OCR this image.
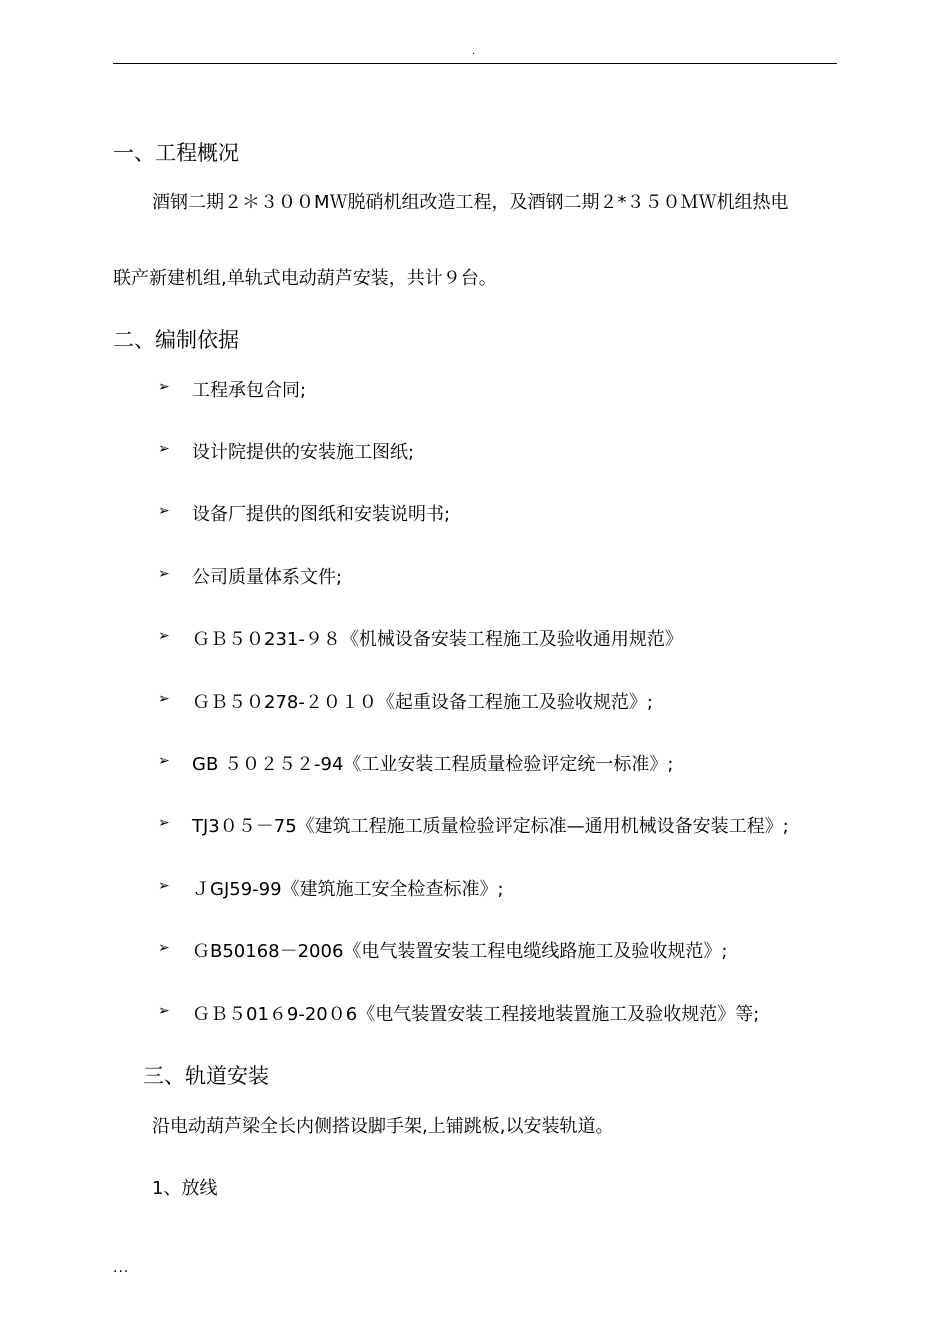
.
一、工程概况
酒钢二期２＊３００MＷ脱硝机组改造工程，及酒钢二期２*３５０ＭＷ机组热电
联产新建机组,单轨式电动葫芦安装，共计９台。
二、编制依据
➢ 工程承包合同;
➢ 设计院提供的安装施工图纸;
➢ 设备厂提供的图纸和安装说明书;
➢ 公司质量体系文件;
➢ ＧＢ５０231-９８《机械设备安装工程施工及验收通用规范》
➢ ＧＢ５０278-２０１０《起重设备工程施工及验收规范》;
➢ GB ５０２５２-94《工业安装工程质量检验评定统一标准》;
➢ TJ3０５－75《建筑工程施工质量检验评定标准—通用机械设备安装工程》;
➢ ＪGJ59-99《建筑施工安全检查标准》;
➢ ＧB50168－2006《电气装置安装工程电缆线路施工及验收规范》;
➢ ＧＢ５01６9-20０6《电气装置安装工程接地装置施工及验收规范》等;
三、轨道安装
沿电动葫芦梁全长内侧搭设脚手架,上铺跳板,以安装轨道。
1、放线
...
